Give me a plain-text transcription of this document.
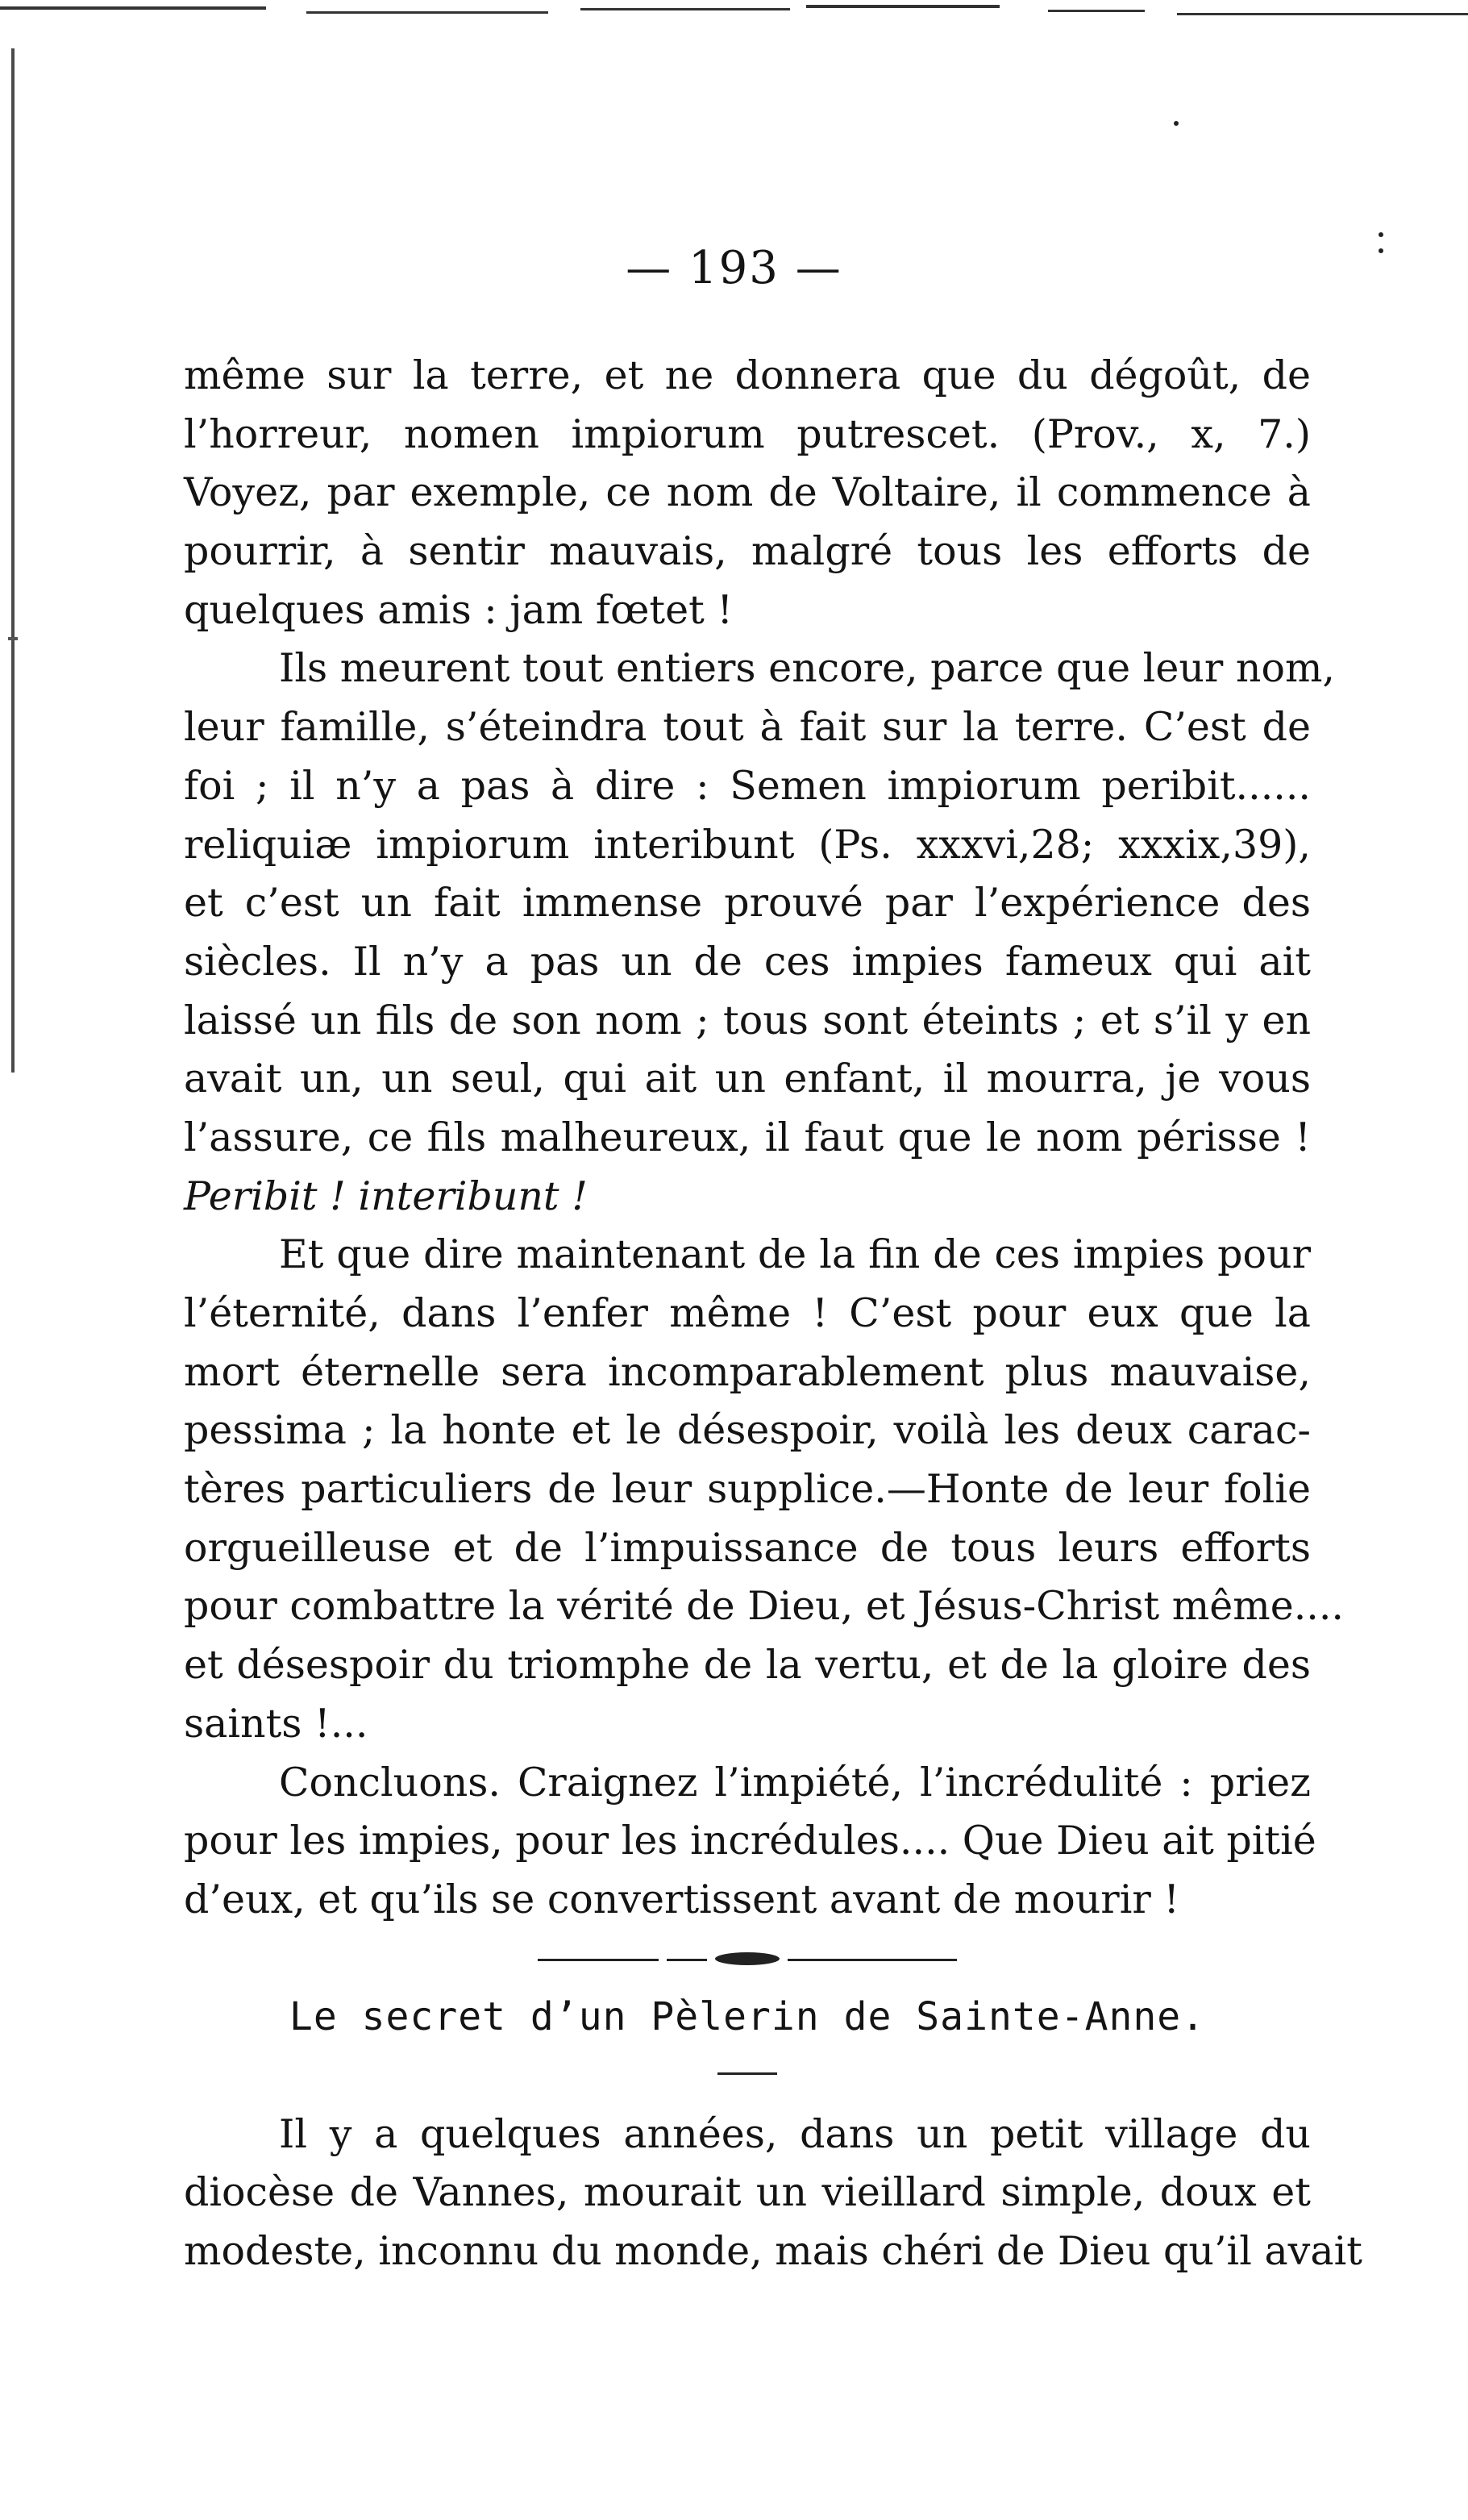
— 193 —
même sur la terre, et ne donnera que du dégoût, de
l’horreur, nomen impiorum putrescet. (Prov., x, 7.)
Voyez, par exemple, ce nom de Voltaire, il commence à
pourrir, à sentir mauvais, malgré tous les efforts de
quelques amis : jam fœtet !
Ils meurent tout entiers encore, parce que leur nom,
leur famille, s’éteindra tout à fait sur la terre. C’est de
foi ; il n’y a pas à dire : Semen impiorum peribit......
reliquiæ impiorum interibunt (Ps. xxxvi,28; xxxix,39),
et c’est un fait immense prouvé par l’expérience des
siècles. Il n’y a pas un de ces impies fameux qui ait
laissé un fils de son nom ; tous sont éteints ; et s’il y en
avait un, un seul, qui ait un enfant, il mourra, je vous
l’assure, ce fils malheureux, il faut que le nom périsse !
Peribit ! interibunt !
Et que dire maintenant de la fin de ces impies pour
l’éternité, dans l’enfer même ! C’est pour eux que la
mort éternelle sera incomparablement plus mauvaise,
pessima ; la honte et le désespoir, voilà les deux carac-
tères particuliers de leur supplice.—Honte de leur folie
orgueilleuse et de l’impuissance de tous leurs efforts
pour combattre la vérité de Dieu, et Jésus-Christ même....
et désespoir du triomphe de la vertu, et de la gloire des
saints !...
Concluons. Craignez l’impiété, l’incrédulité : priez
pour les impies, pour les incrédules.... Que Dieu ait pitié
d’eux, et qu’ils se convertissent avant de mourir !
Le secret d’un Pèlerin de Sainte-Anne.
Il y a quelques années, dans un petit village du
diocèse de Vannes, mourait un vieillard simple, doux et
modeste, inconnu du monde, mais chéri de Dieu qu’il avait
